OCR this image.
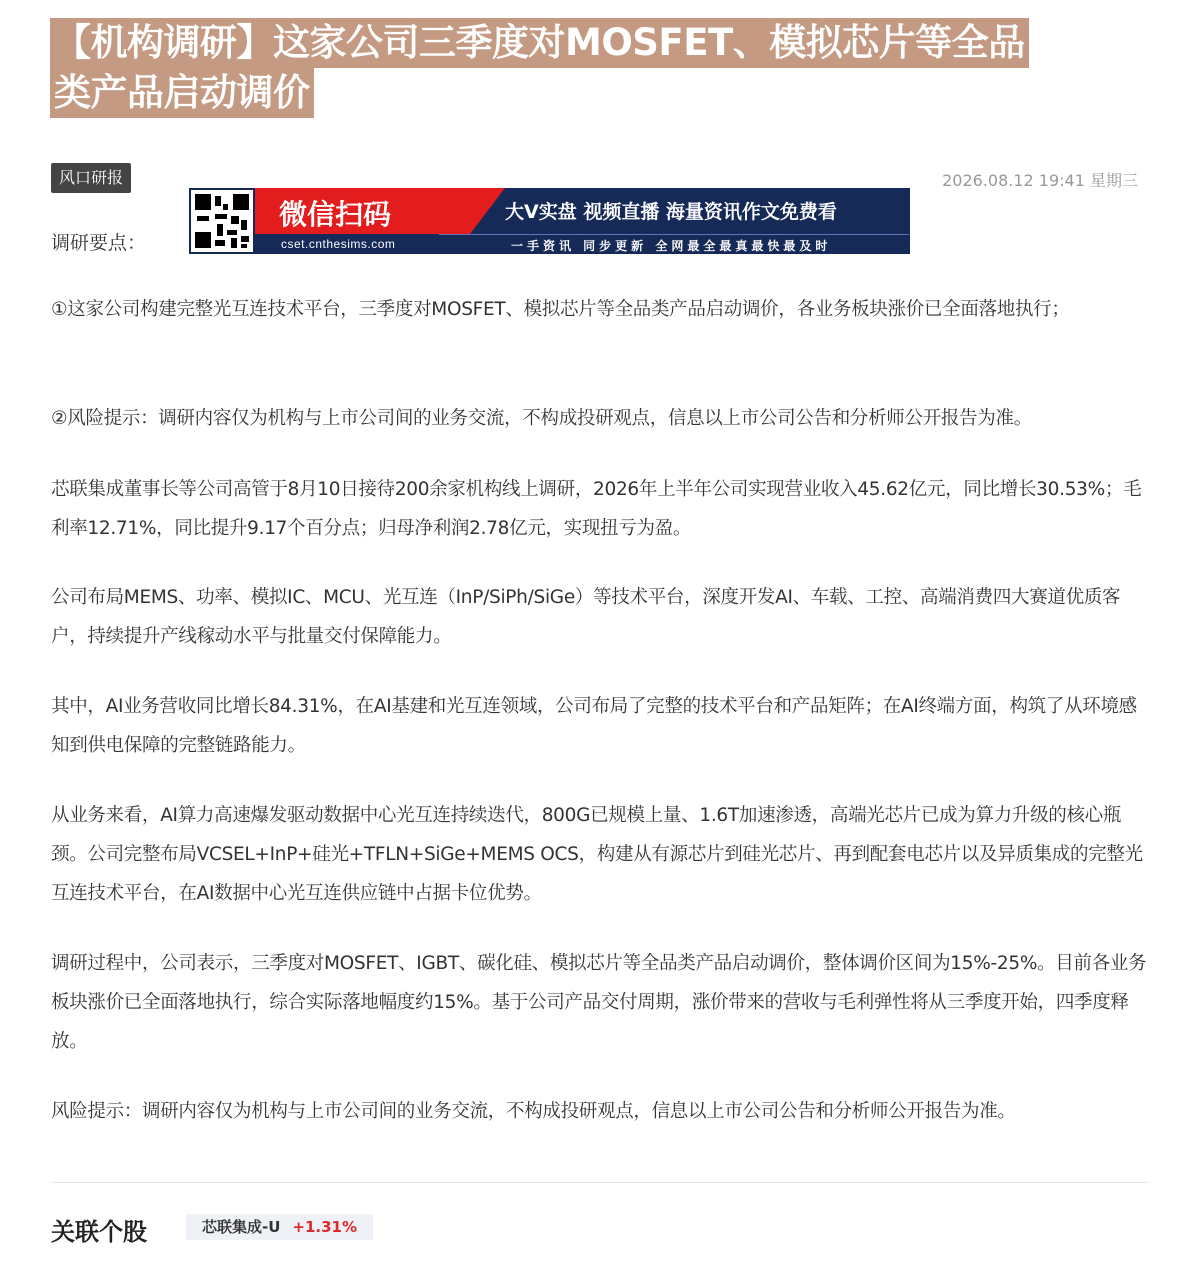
【机构调研】这家公司三季度对MOSFET、模拟芯片等全品
类产品启动调价
风口研报	2026.08.12 19:41 星期三
调研要点：
微信扫码
cset.cnthesims.com
大V实盘 视频直播 海量资讯作文免费看
一手资讯 同步更新 全网最全最真最快最及时

①这家公司构建完整光互连技术平台，三季度对MOSFET、模拟芯片等全品类产品启动调价，各业务板块涨价已全面落地执行；

②风险提示：调研内容仅为机构与上市公司间的业务交流，不构成投研观点，信息以上市公司公告和分析师公开报告为准。

芯联集成董事长等公司高管于8月10日接待200余家机构线上调研，2026年上半年公司实现营业收入45.62亿元，同比增长30.53%；毛利率12.71%，同比提升9.17个百分点；归母净利润2.78亿元，实现扭亏为盈。

公司布局MEMS、功率、模拟IC、MCU、光互连（InP/SiPh/SiGe）等技术平台，深度开发AI、车载、工控、高端消费四大赛道优质客户，持续提升产线稼动水平与批量交付保障能力。

其中，AI业务营收同比增长84.31%，在AI基建和光互连领域，公司布局了完整的技术平台和产品矩阵；在AI终端方面，构筑了从环境感知到供电保障的完整链路能力。

从业务来看，AI算力高速爆发驱动数据中心光互连持续迭代，800G已规模上量、1.6T加速渗透，高端光芯片已成为算力升级的核心瓶颈。公司完整布局VCSEL+InP+硅光+TFLN+SiGe+MEMS OCS，构建从有源芯片到硅光芯片、再到配套电芯片以及异质集成的完整光互连技术平台，在AI数据中心光互连供应链中占据卡位优势。

调研过程中，公司表示，三季度对MOSFET、IGBT、碳化硅、模拟芯片等全品类产品启动调价，整体调价区间为15%-25%。目前各业务板块涨价已全面落地执行，综合实际落地幅度约15%。基于公司产品交付周期，涨价带来的营收与毛利弹性将从三季度开始，四季度释放。

风险提示：调研内容仅为机构与上市公司间的业务交流，不构成投研观点，信息以上市公司公告和分析师公开报告为准。

关联个股	芯联集成-U +1.31%
